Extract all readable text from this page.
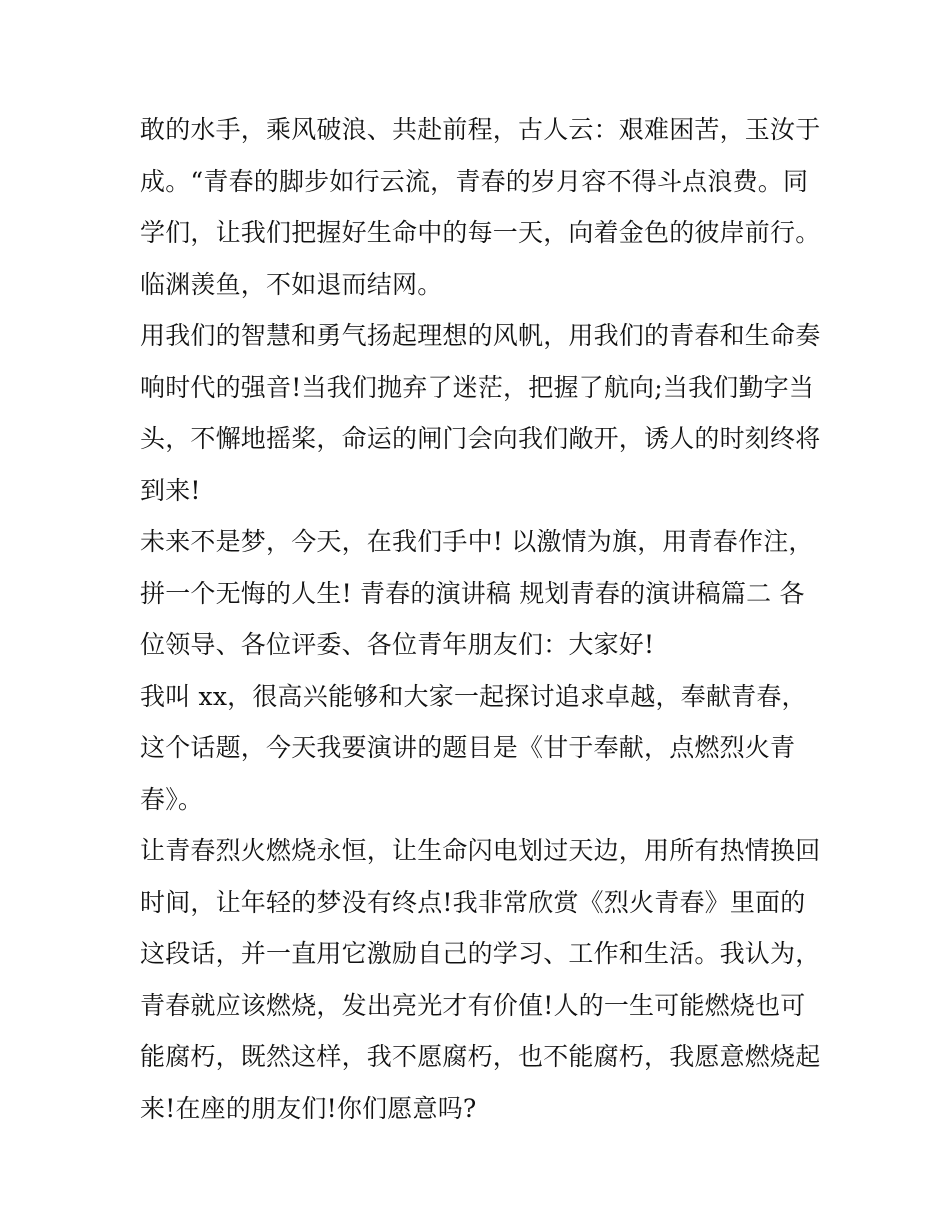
敢的水手，乘风破浪、共赴前程，古人云：艰难困苦，玉汝于
成。“青春的脚步如行云流，青春的岁月容不得斗点浪费。同
学们，让我们把握好生命中的每一天，向着金色的彼岸前行。
临渊羡鱼，不如退而结网。
用我们的智慧和勇气扬起理想的风帆，用我们的青春和生命奏
响时代的强音!当我们抛弃了迷茫，把握了航向;当我们勤字当
头，不懈地摇桨，命运的闸门会向我们敞开，诱人的时刻终将
到来!
未来不是梦，今天，在我们手中! 以激情为旗，用青春作注，
拼一个无悔的人生! 青春的演讲稿 规划青春的演讲稿篇二 各
位领导、各位评委、各位青年朋友们：大家好!
我叫 xx，很高兴能够和大家一起探讨追求卓越，奉献青春，
这个话题，今天我要演讲的题目是《甘于奉献，点燃烈火青
春》。
让青春烈火燃烧永恒，让生命闪电划过天边，用所有热情换回
时间，让年轻的梦没有终点!我非常欣赏《烈火青春》里面的
这段话，并一直用它激励自己的学习、工作和生活。我认为，
青春就应该燃烧，发出亮光才有价值!人的一生可能燃烧也可
能腐朽，既然这样，我不愿腐朽，也不能腐朽，我愿意燃烧起
来!在座的朋友们!你们愿意吗?
